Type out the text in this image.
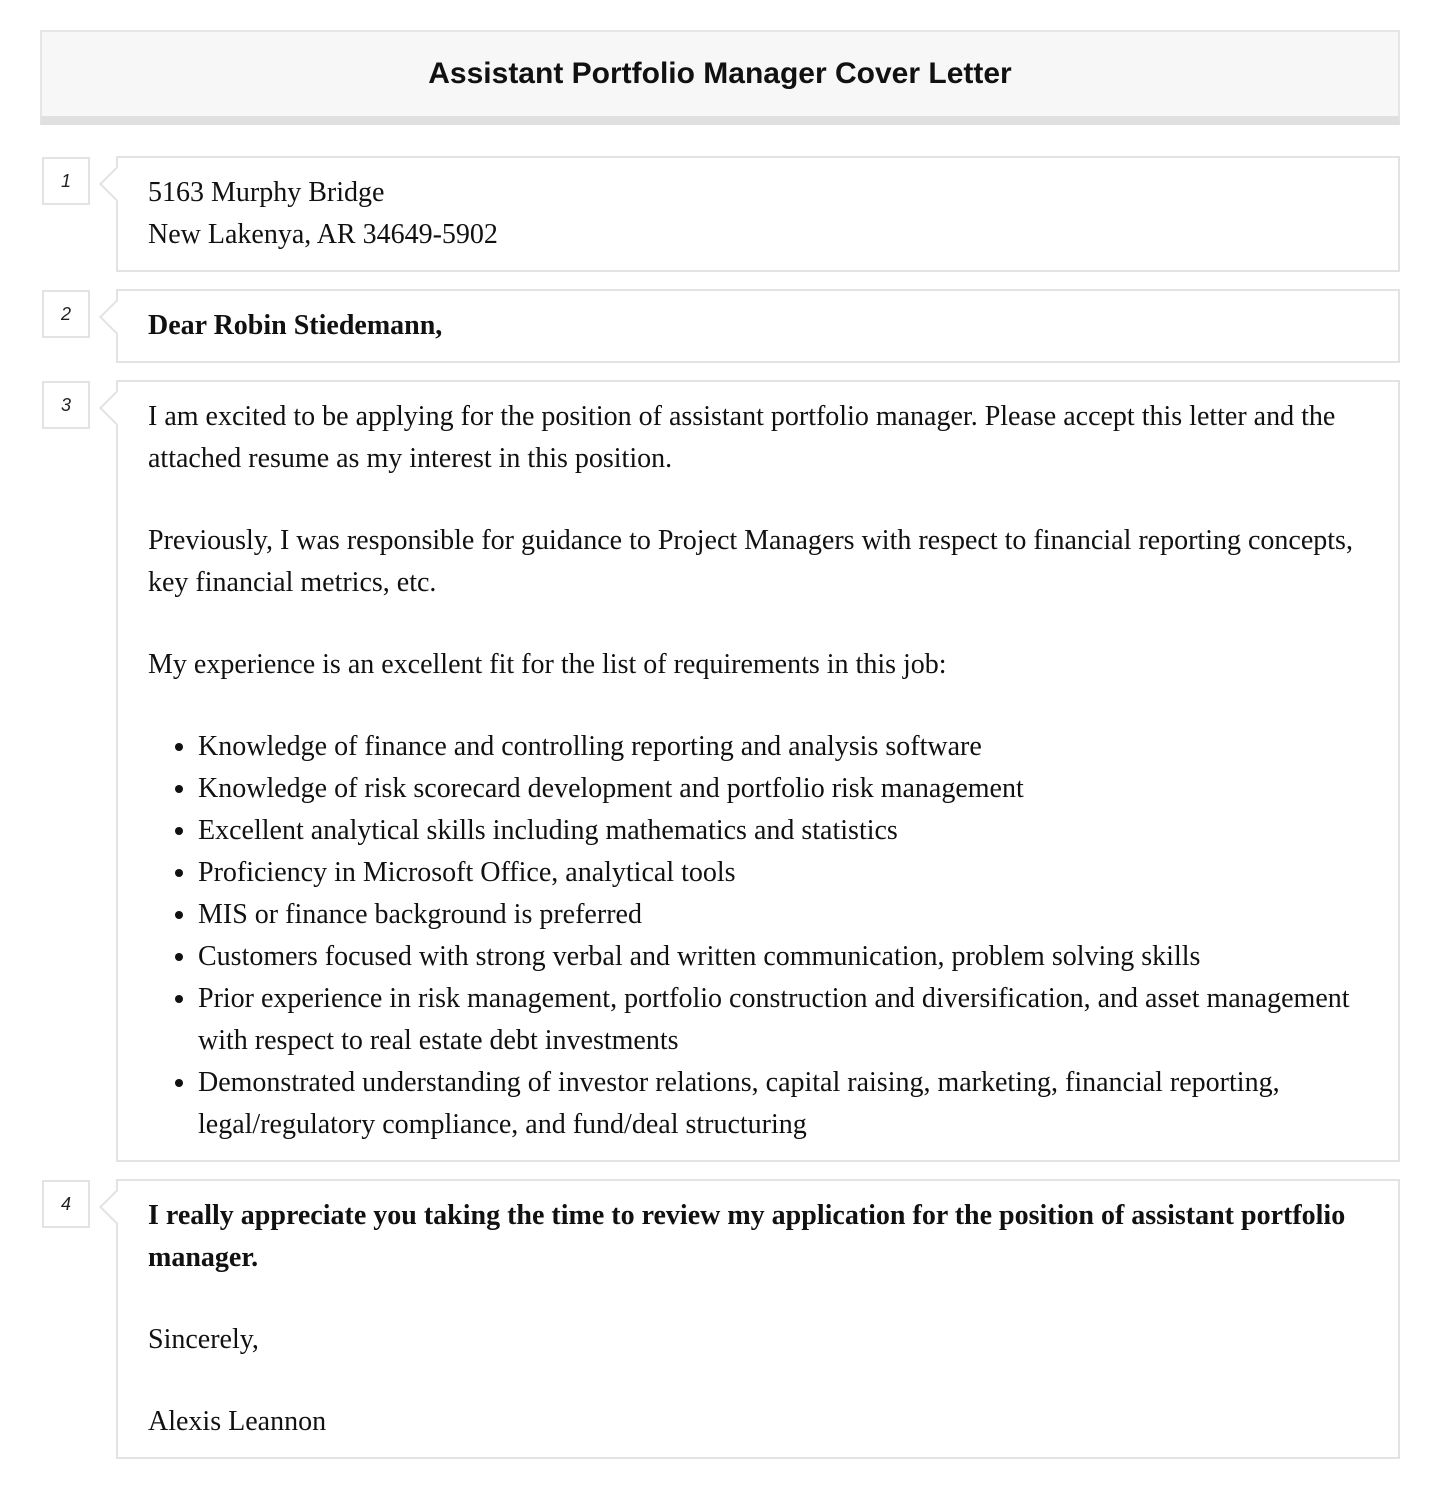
Assistant Portfolio Manager Cover Letter
1	5163 Murphy Bridge

New Lakenya, AR 34649-5902

2	Dear Robin Stiedemann,

3	I am excited to be applying for the position of assistant portfolio manager. Please accept this letter and the attached resume as my interest in this position.

Previously, I was responsible for guidance to Project Managers with respect to financial reporting concepts, key financial metrics, etc.

My experience is an excellent fit for the list of requirements in this job:

• Knowledge of finance and controlling reporting and analysis software
• Knowledge of risk scorecard development and portfolio risk management
• Excellent analytical skills including mathematics and statistics
• Proficiency in Microsoft Office, analytical tools
• MIS or finance background is preferred
• Customers focused with strong verbal and written communication, problem solving skills
• Prior experience in risk management, portfolio construction and diversification, and asset management with respect to real estate debt investments
• Demonstrated understanding of investor relations, capital raising, marketing, financial reporting, legal/regulatory compliance, and fund/deal structuring
4	I really appreciate you taking the time to review my application for the position of assistant portfolio manager.

Sincerely,

Alexis Leannon
